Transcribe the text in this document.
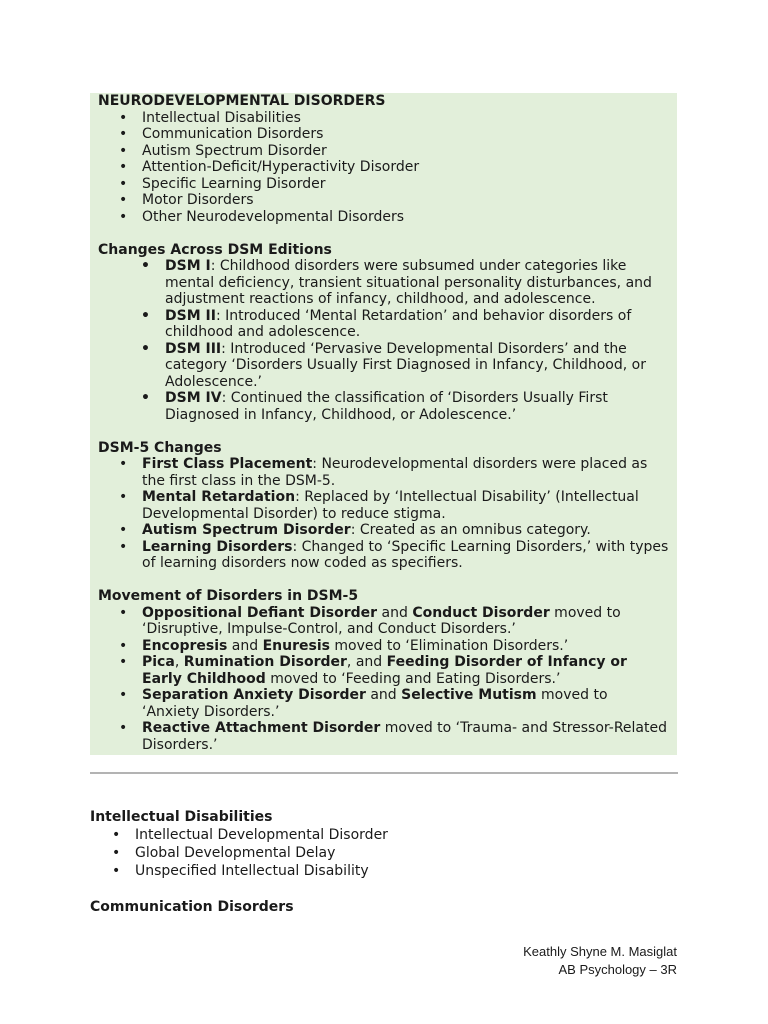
NEURODEVELOPMENTAL DISORDERS

• Intellectual Disabilities
• Communication Disorders
• Autism Spectrum Disorder
• Attention-Deficit/Hyperactivity Disorder
• Specific Learning Disorder
• Motor Disorders
• Other Neurodevelopmental Disorders

Changes Across DSM Editions

• DSM I: Childhood disorders were subsumed under categories like mental deficiency, transient situational personality disturbances, and adjustment reactions of infancy, childhood, and adolescence.
• DSM II: Introduced ‘Mental Retardation’ and behavior disorders of childhood and adolescence.
• DSM III: Introduced ‘Pervasive Developmental Disorders’ and the category ‘Disorders Usually First Diagnosed in Infancy, Childhood, or Adolescence.’
• DSM IV: Continued the classification of ‘Disorders Usually First Diagnosed in Infancy, Childhood, or Adolescence.’

DSM-5 Changes

• First Class Placement: Neurodevelopmental disorders were placed as the first class in the DSM-5.
• Mental Retardation: Replaced by ‘Intellectual Disability’ (Intellectual Developmental Disorder) to reduce stigma.
• Autism Spectrum Disorder: Created as an omnibus category.
• Learning Disorders: Changed to ‘Specific Learning Disorders,’ with types of learning disorders now coded as specifiers.

Movement of Disorders in DSM-5

• Oppositional Defiant Disorder and Conduct Disorder moved to ‘Disruptive, Impulse-Control, and Conduct Disorders.’
• Encopresis and Enuresis moved to ‘Elimination Disorders.’
• Pica, Rumination Disorder, and Feeding Disorder of Infancy or Early Childhood moved to ‘Feeding and Eating Disorders.’
• Separation Anxiety Disorder and Selective Mutism moved to ‘Anxiety Disorders.’
• Reactive Attachment Disorder moved to ‘Trauma- and Stressor-Related Disorders.’

Intellectual Disabilities

• Intellectual Developmental Disorder
• Global Developmental Delay
• Unspecified Intellectual Disability

Communication Disorders

Keathly Shyne M. Masiglat
AB Psychology – 3R
